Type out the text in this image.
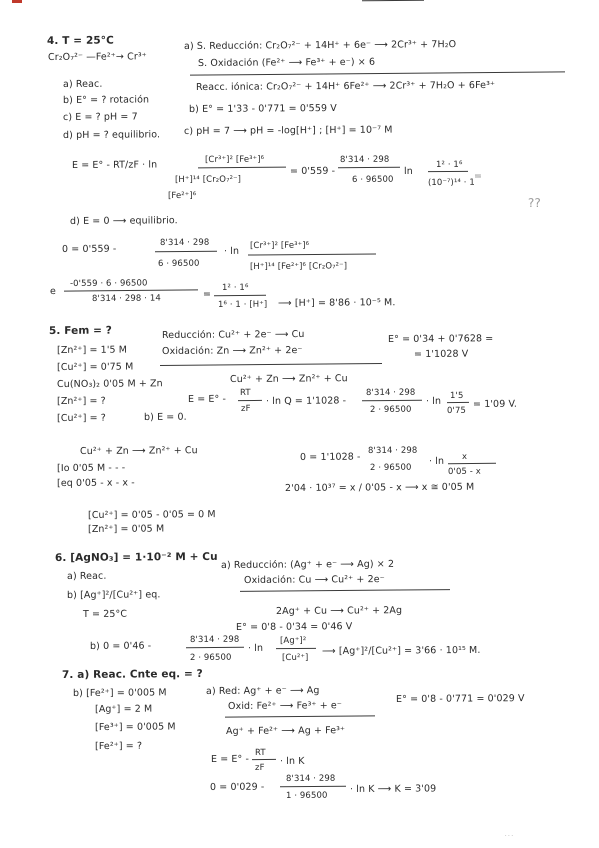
4. T = 25°C
Cr₂O₇²⁻ —Fe²⁺→ Cr³⁺
a) Reac.
b) E° = ? rotación
c) E = ? pH = 7
d) pH = ? equilibrio.
a) S. Reducción: Cr₂O₇²⁻ + 14H⁺ + 6e⁻ ⟶ 2Cr³⁺ + 7H₂O
S. Oxidación (Fe²⁺ ⟶ Fe³⁺ + e⁻) × 6
Reacc. iónica: Cr₂O₇²⁻ + 14H⁺ 6Fe²⁺ ⟶ 2Cr³⁺ + 7H₂O + 6Fe³⁺
b) E° = 1'33 - 0'771 = 0'559 V
c) pH = 7 ⟶ pH = -log[H⁺] ; [H⁺] = 10⁻⁷ M
E = E° - RT/zF · ln	[Cr³⁺]² [Fe³⁺]⁶
[H⁺]¹⁴ [Cr₂O₇²⁻]
[Fe²⁺]⁶
= 0'559 -
8'314 · 298
6 · 96500
ln
1² · 1⁶
(10⁻⁷)¹⁴ · 1
=
??
d) E = 0 ⟶ equilibrio.
0 = 0'559 -
8'314 · 298
6 · 96500
· ln
[Cr³⁺]² [Fe³⁺]⁶
[H⁺]¹⁴ [Fe²⁺]⁶ [Cr₂O₇²⁻]
e
-0'559 · 6 · 96500
8'314 · 298 · 14	=
1² · 1⁶
1⁶ · 1 · [H⁺] ⟶ [H⁺] = 8'86 · 10⁻⁵ M.
5. Fem = ?
[Zn²⁺] = 1'5 M
[Cu²⁺] = 0'75 M
Cu(NO₃)₂ 0'05 M + Zn
[Zn²⁺] = ?
[Cu²⁺] = ?
Reducción: Cu²⁺ + 2e⁻ ⟶ Cu
Oxidación: Zn ⟶ Zn²⁺ + 2e⁻
Cu²⁺ + Zn ⟶ Zn²⁺ + Cu
E° = 0'34 + 0'7628 =
= 1'1028 V
E = E° -
RT
zF
· ln Q = 1'1028 -
8'314 · 298
2 · 96500
· ln 1'5
0'75
= 1'09 V.
b) E = 0.
Cu²⁺ + Zn ⟶ Zn²⁺ + Cu
[Io 0'05 M - - -
[eq 0'05 - x - x -
0 = 1'1028 -
8'314 · 298
2 · 96500
· ln x
0'05 - x
2'04 · 10³⁷ = x / 0'05 - x ⟶ x ≅ 0'05 M
[Cu²⁺] = 0'05 - 0'05 = 0 M
[Zn²⁺] = 0'05 M
6. [AgNO₃] = 1·10⁻² M + Cu
a) Reac.
b) [Ag⁺]²/[Cu²⁺] eq.
T = 25°C
a) Reducción: (Ag⁺ + e⁻ ⟶ Ag) × 2
Oxidación: Cu ⟶ Cu²⁺ + 2e⁻
2Ag⁺ + Cu ⟶ Cu²⁺ + 2Ag
E° = 0'8 - 0'34 = 0'46 V
b) 0 = 0'46 -
8'314 · 298
2 · 96500
· ln
[Ag⁺]²
[Cu²⁺]
⟶ [Ag⁺]²/[Cu²⁺] = 3'66 · 10¹⁵ M.
7. a) Reac. Cnte eq. = ?
b) [Fe²⁺] = 0'005 M
[Ag⁺] = 2 M
[Fe³⁺] = 0'005 M
[Fe²⁺] = ?
a) Red: Ag⁺ + e⁻ ⟶ Ag
Oxid: Fe²⁺ ⟶ Fe³⁺ + e⁻
Ag⁺ + Fe²⁺ ⟶ Ag + Fe³⁺
E° = 0'8 - 0'771 = 0'029 V
E = E° -
RT
zF
· ln K
0 = 0'029 -
8'314 · 298
1 · 96500
· ln K ⟶ K = 3'09
· · ·
